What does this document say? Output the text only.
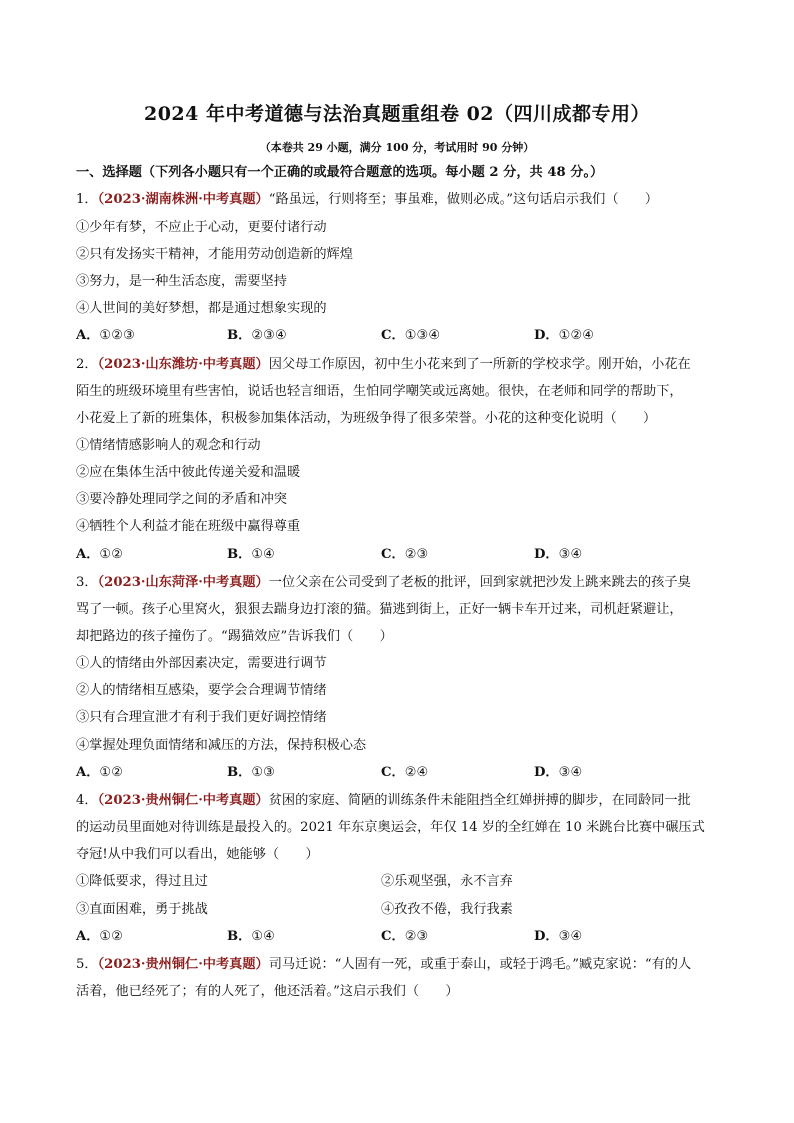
2024 年中考道德与法治真题重组卷 02（四川成都专用）
（本卷共 29 小题，满分 100 分，考试用时 90 分钟）
一、选择题（下列各小题只有一个正确的或最符合题意的选项。每小题 2 分，共 48 分。）
1．（2023·湖南株洲·中考真题）“路虽远，行则将至；事虽难，做则必成。”这句话启示我们（　　）
①少年有梦，不应止于心动，更要付诸行动
②只有发扬实干精神，才能用劳动创造新的辉煌
③努力，是一种生活态度，需要坚持
④人世间的美好梦想，都是通过想象实现的
A．①②③	B．②③④	C．①③④	D．①②④
2．（2023·山东潍坊·中考真题）因父母工作原因，初中生小花来到了一所新的学校求学。刚开始，小花在
陌生的班级环境里有些害怕，说话也轻言细语，生怕同学嘲笑或远离她。很快，在老师和同学的帮助下，
小花爱上了新的班集体，积极参加集体活动，为班级争得了很多荣誉。小花的这种变化说明（　　）
①情绪情感影响人的观念和行动
②应在集体生活中彼此传递关爱和温暖
③要冷静处理同学之间的矛盾和冲突
④牺牲个人利益才能在班级中赢得尊重
A．①②	B．①④	C．②③	D．③④
3．（2023·山东菏泽·中考真题）一位父亲在公司受到了老板的批评，回到家就把沙发上跳来跳去的孩子臭
骂了一顿。孩子心里窝火，狠狠去踹身边打滚的猫。猫逃到街上，正好一辆卡车开过来，司机赶紧避让，
却把路边的孩子撞伤了。“踢猫效应”告诉我们（　　）
①人的情绪由外部因素决定，需要进行调节
②人的情绪相互感染，要学会合理调节情绪
③只有合理宣泄才有利于我们更好调控情绪
④掌握处理负面情绪和减压的方法，保持积极心态
A．①②	B．①③	C．②④	D．③④
4．（2023·贵州铜仁·中考真题）贫困的家庭、简陋的训练条件未能阻挡全红婵拼搏的脚步，在同龄同一批
的运动员里面她对待训练是最投入的。2021 年东京奥运会，年仅 14 岁的全红婵在 10 米跳台比赛中碾压式
夺冠!从中我们可以看出，她能够（　　）
①降低要求，得过且过	②乐观坚强，永不言弃
③直面困难，勇于挑战	④孜孜不倦，我行我素
A．①②	B．①④	C．②③	D．③④
5．（2023·贵州铜仁·中考真题）司马迁说：“人固有一死，或重于泰山，或轻于鸿毛。”臧克家说：“有的人
活着，他已经死了；有的人死了，他还活着。”这启示我们（　　）
